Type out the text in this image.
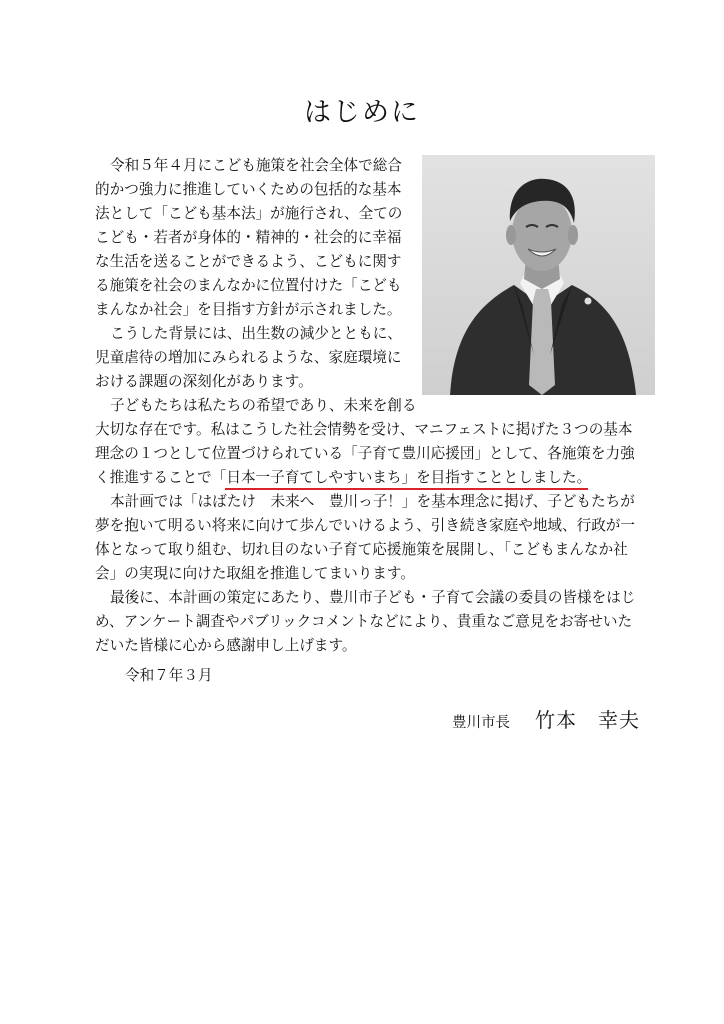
はじめに
令和５年４月にこども施策を社会全体で総合
的かつ強力に推進していくための包括的な基本
法として「こども基本法」が施行され、全ての
こども・若者が身体的・精神的・社会的に幸福
な生活を送ることができるよう、こどもに関す
る施策を社会のまんなかに位置付けた「こども
まんなか社会」を目指す方針が示されました。
こうした背景には、出生数の減少とともに、
児童虐待の増加にみられるような、家庭環境に
おける課題の深刻化があります。
子どもたちは私たちの希望であり、未来を創る
大切な存在です。私はこうした社会情勢を受け、マニフェストに掲げた３つの基本
理念の１つとして位置づけられている「子育て豊川応援団」として、各施策を力強
く推進することで「日本一子育てしやすいまち」を目指すこととしました。
本計画では「はばたけ　未来へ　豊川っ子！」を基本理念に掲げ、子どもたちが
夢を抱いて明るい将来に向けて歩んでいけるよう、引き続き家庭や地域、行政が一
体となって取り組む、切れ目のない子育て応援施策を展開し、「こどもまんなか社
会」の実現に向けた取組を推進してまいります。
最後に、本計画の策定にあたり、豊川市子ども・子育て会議の委員の皆様をはじ
め、アンケート調査やパブリックコメントなどにより、貴重なご意見をお寄せいた
だいた皆様に心から感謝申し上げます。
令和７年３月
豊川市長 竹本　幸夫
